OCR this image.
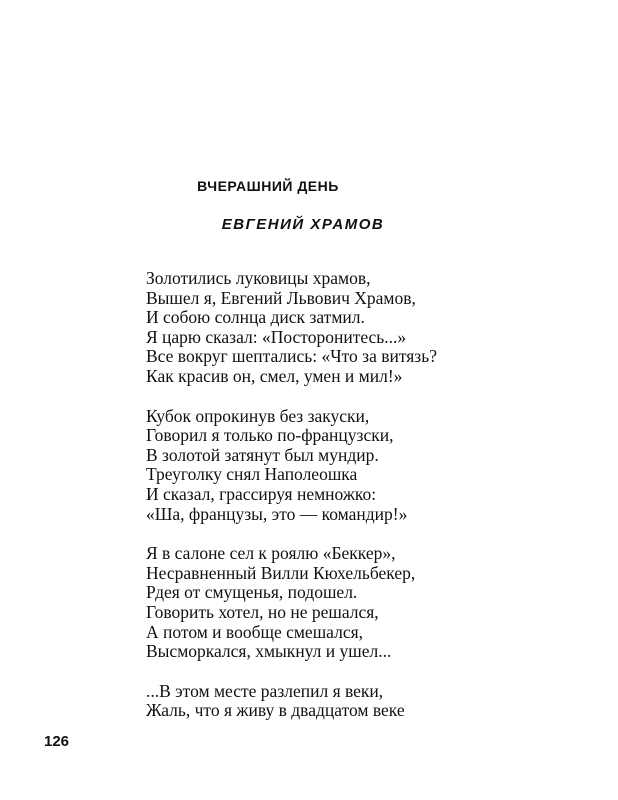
ВЧЕРАШНИЙ ДЕНЬ
ЕВГЕНИЙ ХРАМОВ
Золотились луковицы храмов,
Вышел я, Евгений Львович Храмов,
И собою солнца диск затмил.
Я царю сказал: «Посторонитесь...»
Все вокруг шептались: «Что за витязь?
Как красив он, смел, умен и мил!»
Кубок опрокинув без закуски,
Говорил я только по-французски,
В золотой затянут был мундир.
Треуголку снял Наполеошка
И сказал, грассируя немножко:
«Ша, французы, это — командир!»
Я в салоне сел к роялю «Беккер»,
Несравненный Вилли Кюхельбекер,
Рдея от смущенья, подошел.
Говорить хотел, но не решался,
А потом и вообще смешался,
Высморкался, хмыкнул и ушел...
...В этом месте разлепил я веки,
Жаль, что я живу в двадцатом веке
126
